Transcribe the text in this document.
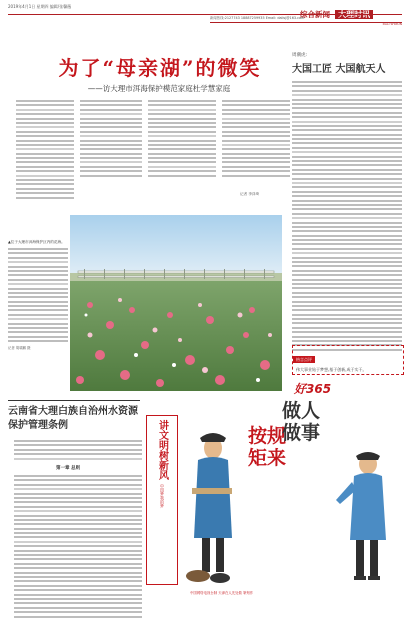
2019年4月1日 星期四 编辑/张馨薇
DALI SHIXUN
新闻热线:2127743 18887259935 Email: dalisj@163.com
为了“母亲湖”的微笑
——访大理市洱海保护模范家庭杜学慧家庭
记者 李泽琦
▲位于大理市洱海保护区内的花海。
记者 胡啸鹏 摄
周潮虎:
大国工匠 大国航天人
格言点评
伟大事业始于梦想,基于创新,成于实干。
好365
云南省大理白族自治州水资源保护管理条例
第一章 总则	讲文明树新风
中国梦我的梦
按规
矩来
做人
做事
中国网络电视台制 天津在人先处做 篆刻作
